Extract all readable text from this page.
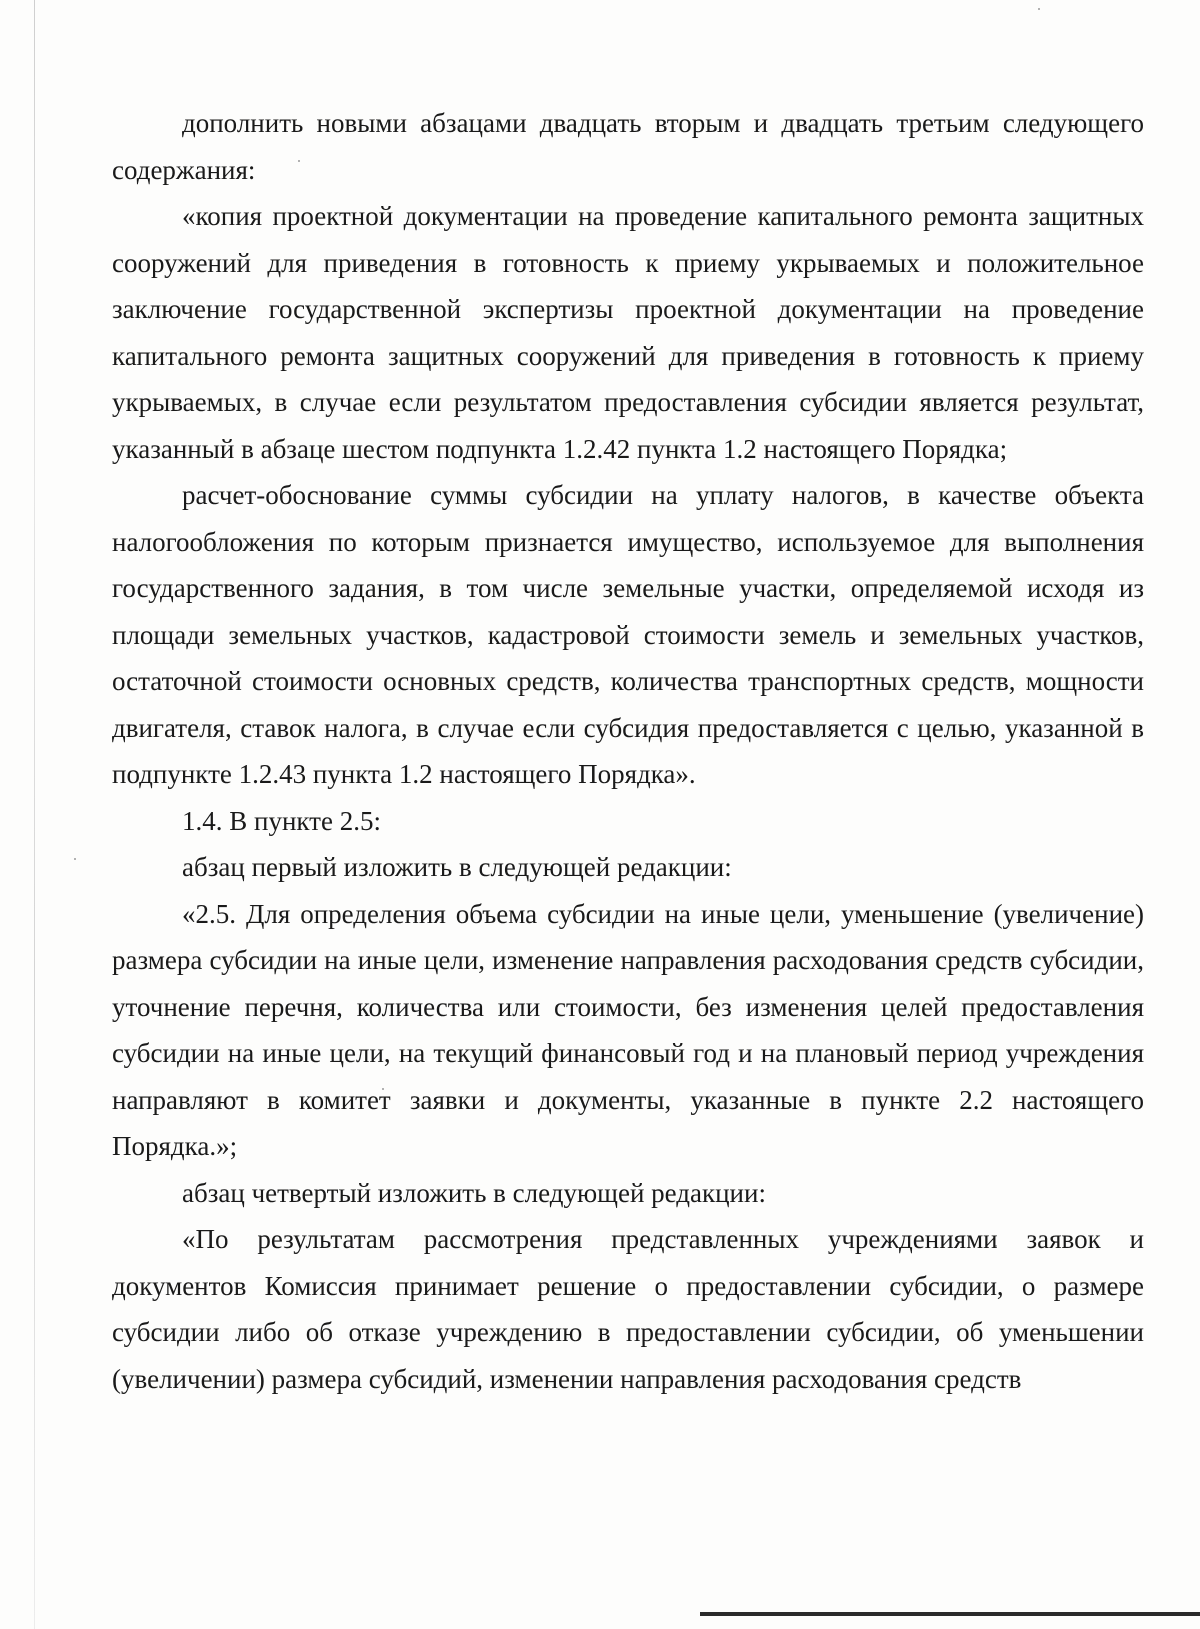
дополнить новыми абзацами двадцать вторым и двадцать третьим следующего содержания:

«копия проектной документации на проведение капитального ремонта защитных сооружений для приведения в готовность к приему укрываемых и положительное заключение государственной экспертизы проектной документации на проведение капитального ремонта защитных сооружений для приведения в готовность к приему укрываемых, в случае если результатом предоставления субсидии является результат, указанный в абзаце шестом подпункта 1.2.42 пункта 1.2 настоящего Порядка;

расчет-обоснование суммы субсидии на уплату налогов, в качестве объекта налогообложения по которым признается имущество, используемое для выполнения государственного задания, в том числе земельные участки, определяемой исходя из площади земельных участков, кадастровой стоимости земель и земельных участков, остаточной стоимости основных средств, количества транспортных средств, мощности двигателя, ставок налога, в случае если субсидия предоставляется с целью, указанной в подпункте 1.2.43 пункта 1.2 настоящего Порядка».

1.4. В пункте 2.5:

абзац первый изложить в следующей редакции:

«2.5. Для определения объема субсидии на иные цели, уменьшение (увеличение) размера субсидии на иные цели, изменение направления расходования средств субсидии, уточнение перечня, количества или стоимости, без изменения целей предоставления субсидии на иные цели, на текущий финансовый год и на плановый период учреждения направляют в комитет заявки и документы, указанные в пункте 2.2 настоящего Порядка.»;

абзац четвертый изложить в следующей редакции:

«По результатам рассмотрения представленных учреждениями заявок и документов Комиссия принимает решение о предоставлении субсидии, о размере субсидии либо об отказе учреждению в предоставлении субсидии, об уменьшении (увеличении) размера субсидий, изменении направления расходования средств
